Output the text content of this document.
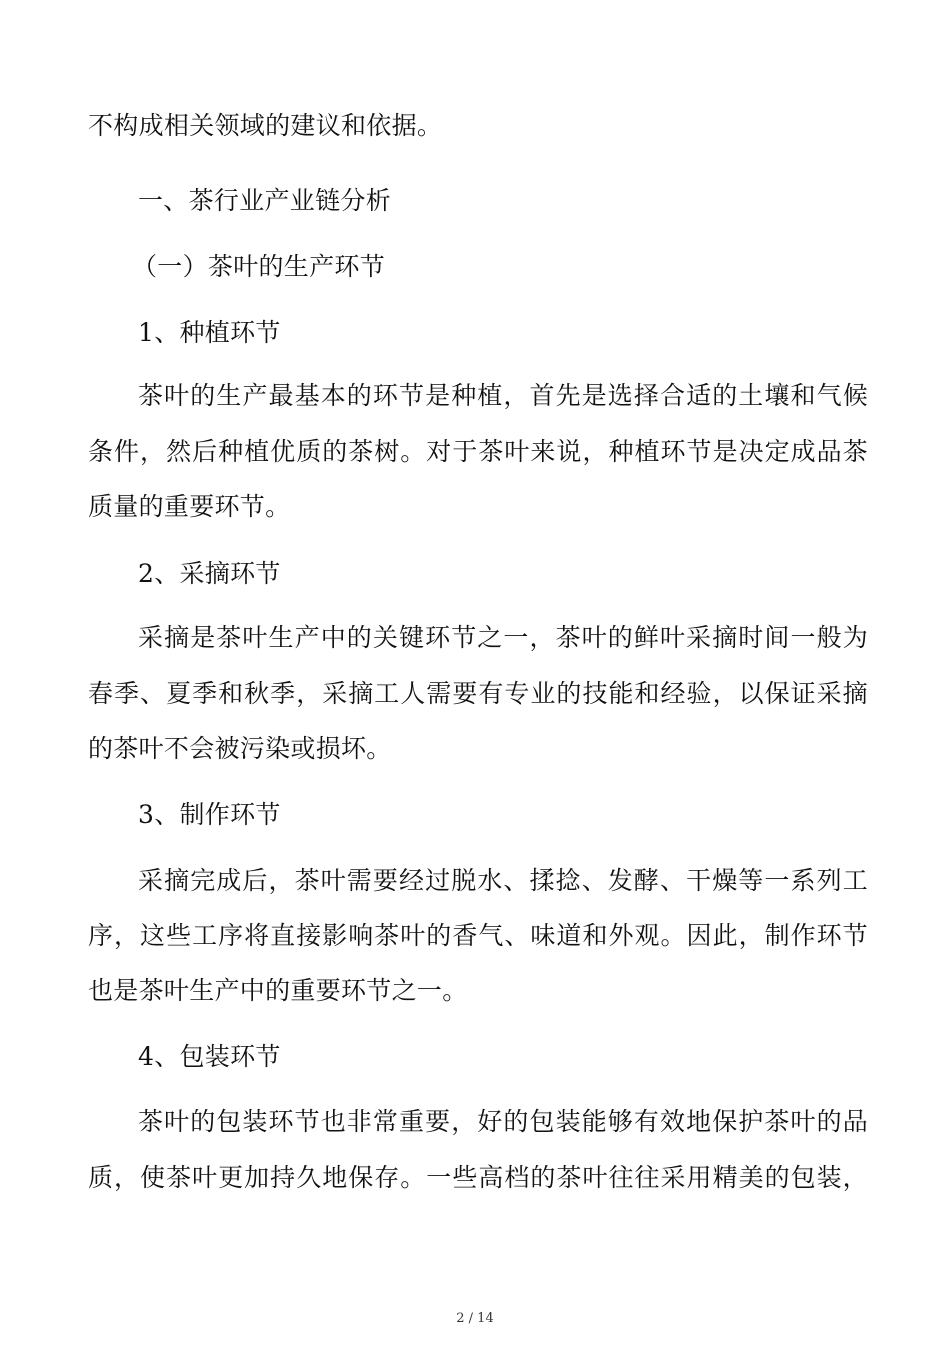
不构成相关领域的建议和依据。
一、茶行业产业链分析
（一）茶叶的生产环节
1、种植环节
茶叶的生产最基本的环节是种植，首先是选择合适的土壤和气候
条件，然后种植优质的茶树。对于茶叶来说，种植环节是决定成品茶
质量的重要环节。
2、采摘环节
采摘是茶叶生产中的关键环节之一，茶叶的鲜叶采摘时间一般为
春季、夏季和秋季，采摘工人需要有专业的技能和经验，以保证采摘
的茶叶不会被污染或损坏。
3、制作环节
采摘完成后，茶叶需要经过脱水、揉捻、发酵、干燥等一系列工
序，这些工序将直接影响茶叶的香气、味道和外观。因此，制作环节
也是茶叶生产中的重要环节之一。
4、包装环节
茶叶的包装环节也非常重要，好的包装能够有效地保护茶叶的品
质，使茶叶更加持久地保存。一些高档的茶叶往往采用精美的包装，
2 / 14
